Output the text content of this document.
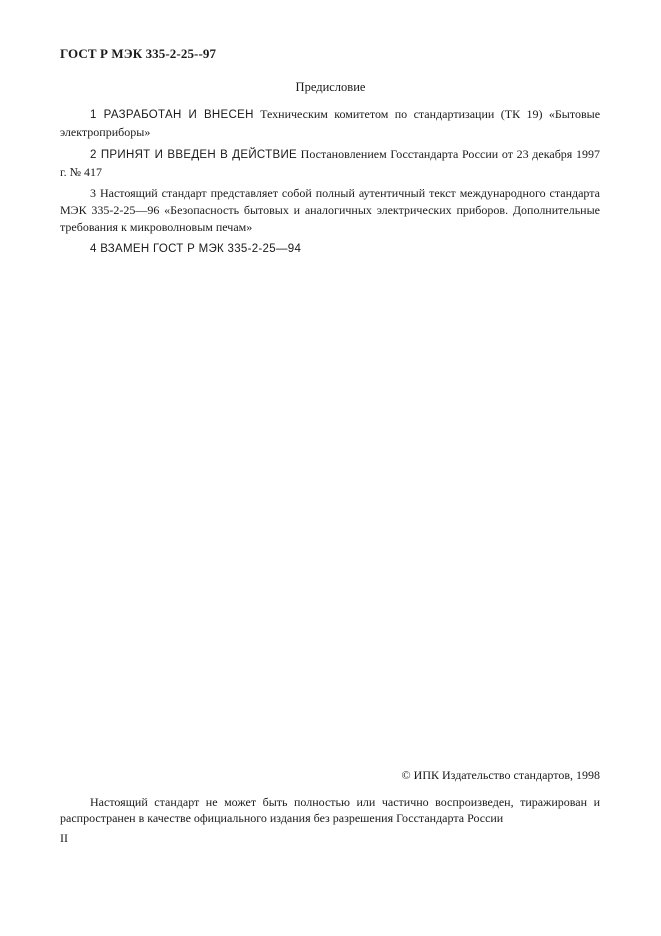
ГОСТ Р МЭК 335-2-25--97
Предисловие
1 РАЗРАБОТАН И ВНЕСЕН Техническим комитетом по стандартизации (ТК 19) «Бытовые электроприборы»
2 ПРИНЯТ И ВВЕДЕН В ДЕЙСТВИЕ Постановлением Госстандарта России от 23 декабря 1997 г. № 417
3 Настоящий стандарт представляет собой полный аутентичный текст международного стандарта МЭК 335-2-25—96 «Безопасность бытовых и аналогичных электрических приборов. Дополнительные требования к микроволновым печам»
4 ВЗАМЕН ГОСТ Р МЭК 335-2-25—94
© ИПК Издательство стандартов, 1998
Настоящий стандарт не может быть полностью или частично воспроизведен, тиражирован и распространен в качестве официального издания без разрешения Госстандарта России
II
